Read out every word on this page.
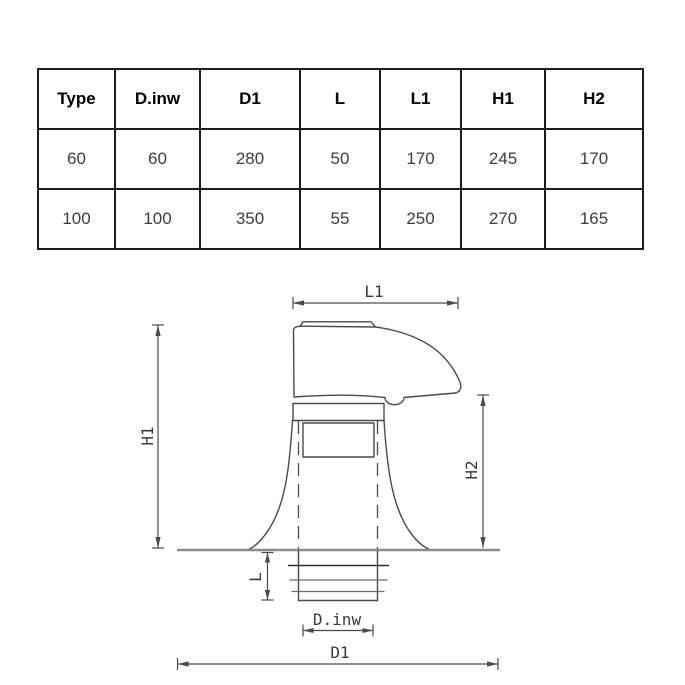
Type	D.inw	D1	L	L1	H1	H2
60	60	280	50	170	245	170
100	100	350	55	250	270	165
L1
H1
H2
L
D.inw
D1
